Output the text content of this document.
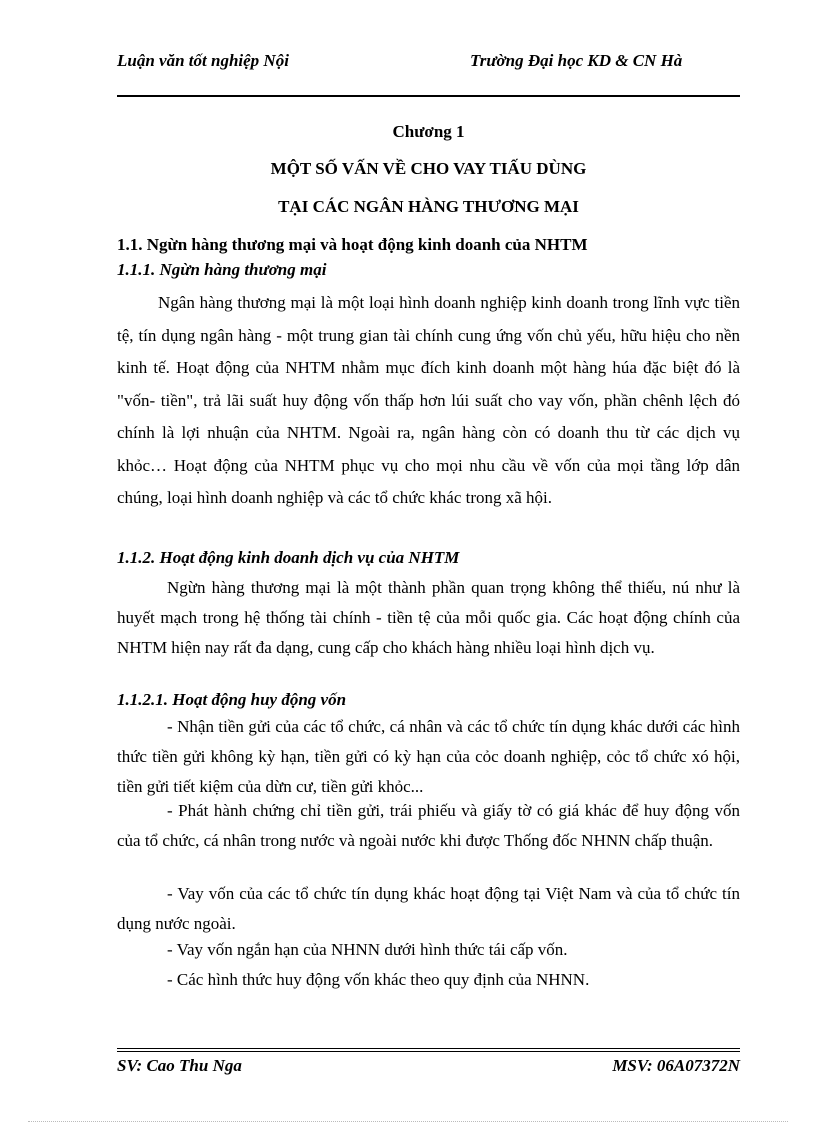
Luận văn tốt nghiệp Nội	Trường Đại học KD & CN Hà
Chương 1
MỘT SỐ VẤN VỀ CHO VAY TIẤU DÙNG
TẠI CÁC NGÂN HÀNG THƯƠNG MẠI
1.1. Ngừn hàng thương mại và hoạt động kinh doanh của NHTM
1.1.1. Ngừn hàng thương mại

Ngân hàng thương mại là một loại hình doanh nghiệp kinh doanh trong lĩnh vực tiền tệ, tín dụng ngân hàng - một trung gian tài chính cung ứng vốn chủ yếu, hữu hiệu cho nền kinh tế. Hoạt động của NHTM nhằm mục đích kinh doanh một hàng húa đặc biệt đó là "vốn- tiền", trả lãi suất huy động vốn thấp hơn lúi suất cho vay vốn, phần chênh lệch đó chính là lợi nhuận của NHTM. Ngoài ra, ngân hàng còn có doanh thu từ các dịch vụ khỏc… Hoạt động của NHTM phục vụ cho mọi nhu cầu về vốn của mọi tầng lớp dân chúng, loại hình doanh nghiệp và các tổ chức khác trong xã hội.

1.1.2. Hoạt động kinh doanh dịch vụ của NHTM

Ngừn hàng thương mại là một thành phần quan trọng không thể thiếu, nú như là huyết mạch trong hệ thống tài chính - tiền tệ của mỗi quốc gia. Các hoạt động chính của NHTM hiện nay rất đa dạng, cung cấp cho khách hàng nhiều loại hình dịch vụ.

1.1.2.1. Hoạt động huy động vốn

- Nhận tiền gửi của các tổ chức, cá nhân và các tổ chức tín dụng khác dưới các hình thức tiền gửi không kỳ hạn, tiền gửi có kỳ hạn của cỏc doanh nghiệp, cỏc tổ chức xó hội, tiền gửi tiết kiệm của dừn cư, tiền gửi khỏc...

- Phát hành chứng chỉ tiền gửi, trái phiếu và giấy tờ có giá khác để huy động vốn của tổ chức, cá nhân trong nước và ngoài nước khi được Thống đốc NHNN chấp thuận.

- Vay vốn của các tổ chức tín dụng khác hoạt động tại Việt Nam và của tổ chức tín dụng nước ngoài.

- Vay vốn ngắn hạn của NHNN dưới hình thức tái cấp vốn.

- Các hình thức huy động vốn khác theo quy định của NHNN.

SV: Cao Thu Nga	MSV: 06A07372N
